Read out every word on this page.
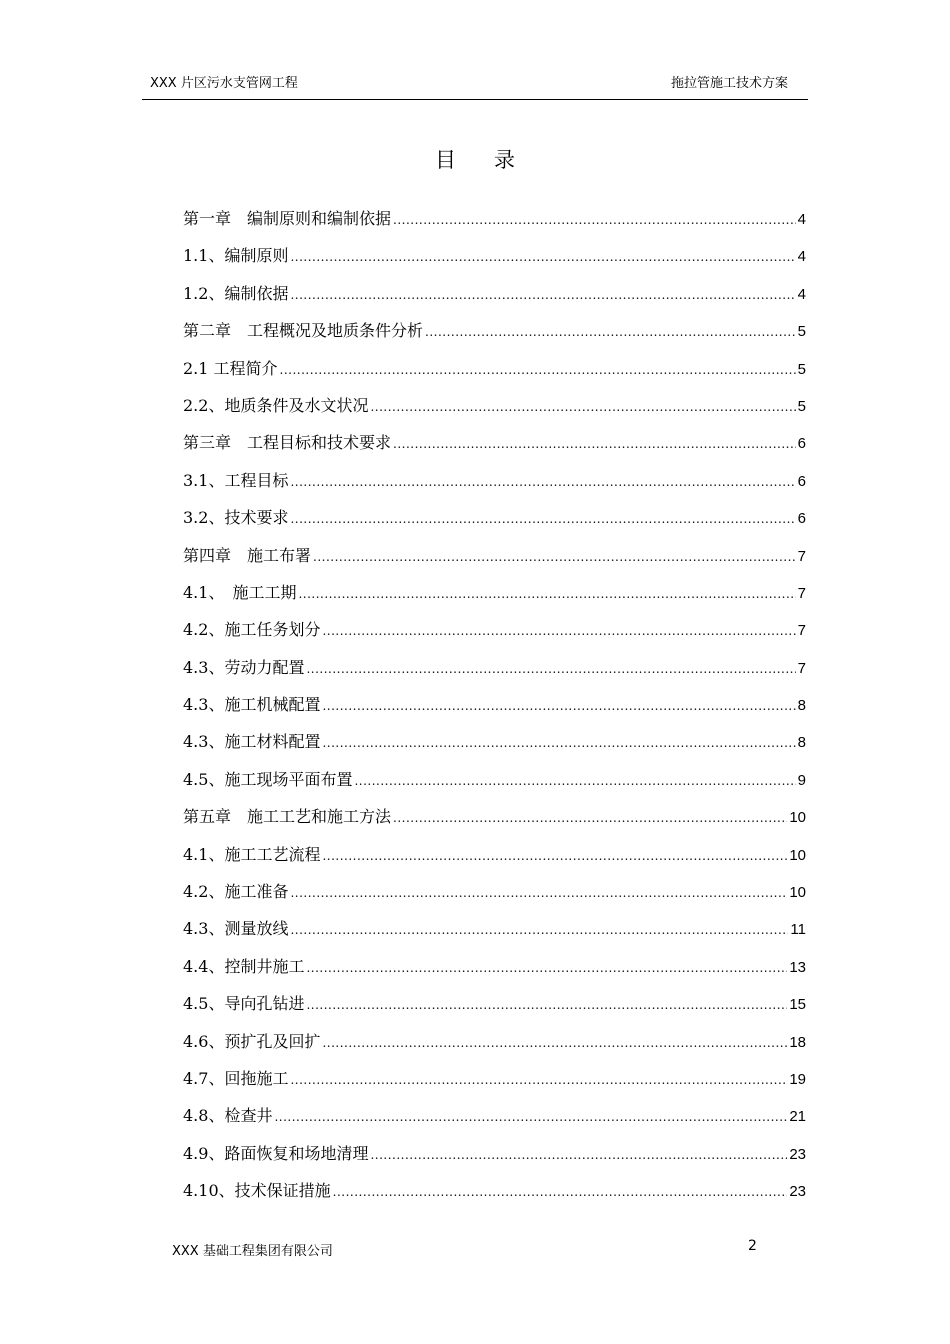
XXX 片区污水支管网工程	拖拉管施工技术方案
目录
第一章　编制原则和编制依据 .....	4
1.1、编制原则 .....	4
1.2、编制依据 .....	4
第二章　工程概况及地质条件分析 .....	5
2.1 工程简介 .....	5
2.2、地质条件及水文状况 .....	5
第三章　工程目标和技术要求 .....	6
3.1、工程目标 .....	6
3.2、技术要求 .....	6
第四章　施工布署 .....	7
4.1、　施工工期 .....	7
4.2、施工任务划分 .....	7
4.3、劳动力配置 .....	7
4.3、施工机械配置 .....	8
4.3、施工材料配置 .....	8
4.5、施工现场平面布置 .....	9
第五章　施工工艺和施工方法 .....	10
4.1、施工工艺流程 .....	10
4.2、施工准备 .....	10
4.3、测量放线 .....	11
4.4、控制井施工 .....	13
4.5、导向孔钻进 .....	15
4.6、预扩孔及回扩 .....	18
4.7、回拖施工 .....	19
4.8、检查井 .....	21
4.9、路面恢复和场地清理 .....	23
4.10、技术保证措施 .....	23
XXX 基础工程集团有限公司	2
